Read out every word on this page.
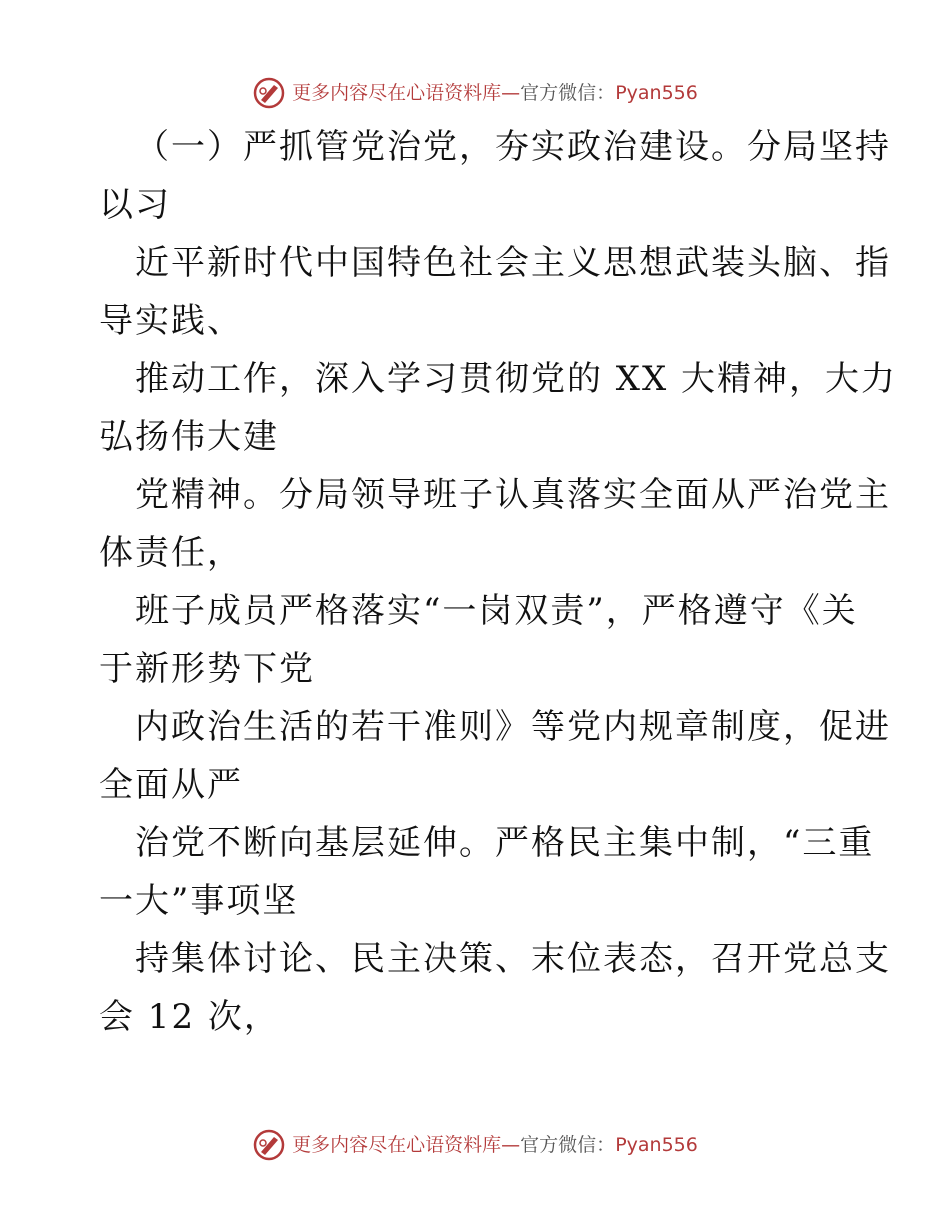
更多内容尽在心语资料库—官方微信：Pyan556

（一）严抓管党治党，夯实政治建设。分局坚持
以习

近平新时代中国特色社会主义思想武装头脑、指
导实践、

推动工作，深入学习贯彻党的 XX 大精神，大力
弘扬伟大建

党精神。分局领导班子认真落实全面从严治党主
体责任，

班子成员严格落实“一岗双责”，严格遵守《关
于新形势下党

内政治生活的若干准则》等党内规章制度，促进
全面从严

治党不断向基层延伸。严格民主集中制，“三重
一大”事项坚

持集体讨论、民主决策、末位表态，召开党总支
会 12 次，

更多内容尽在心语资料库—官方微信：Pyan556
